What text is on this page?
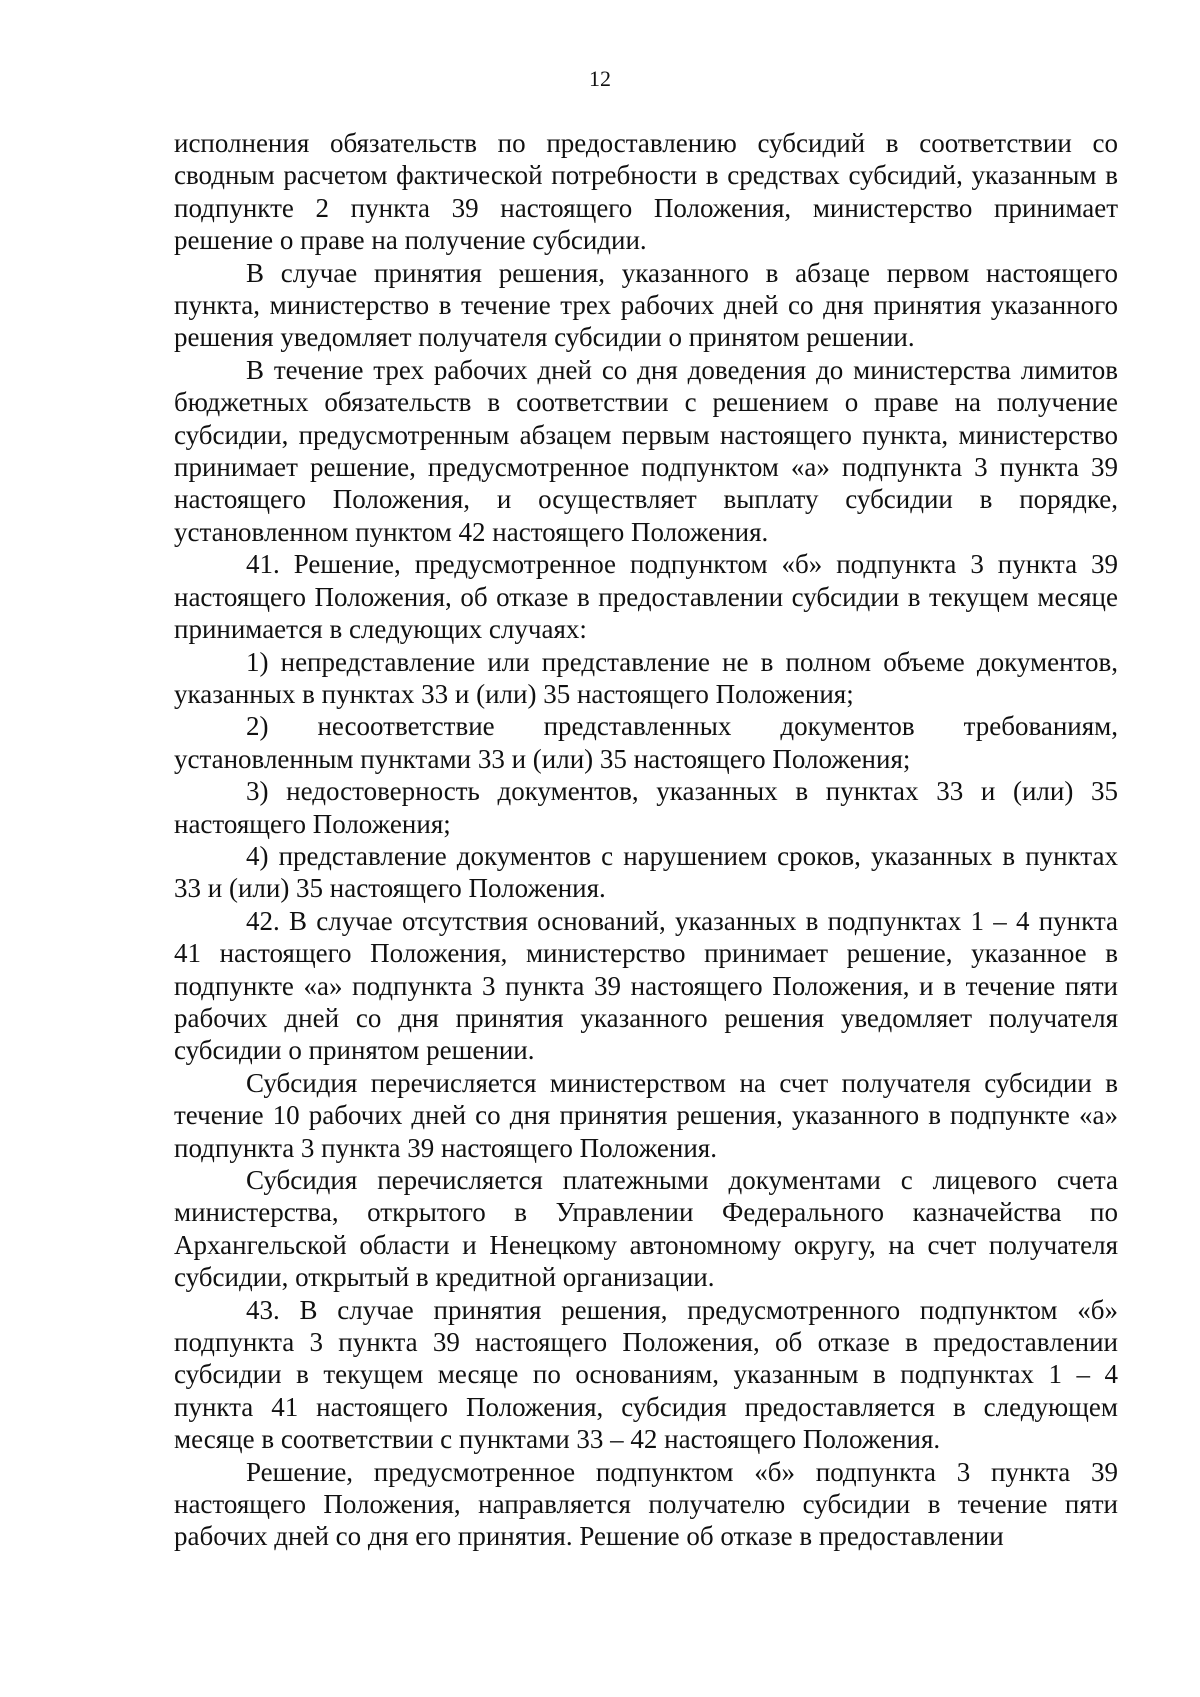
12

исполнения обязательств по предоставлению субсидий в соответствии со сводным расчетом фактической потребности в средствах субсидий, указанным в подпункте 2 пункта 39 настоящего Положения, министерство принимает решение о праве на получение субсидии.

В случае принятия решения, указанного в абзаце первом настоящего пункта, министерство в течение трех рабочих дней со дня принятия указанного решения уведомляет получателя субсидии о принятом решении.

В течение трех рабочих дней со дня доведения до министерства лимитов бюджетных обязательств в соответствии с решением о праве на получение субсидии, предусмотренным абзацем первым настоящего пункта, министерство принимает решение, предусмотренное подпунктом «а» подпункта 3 пункта 39 настоящего Положения, и осуществляет выплату субсидии в порядке, установленном пунктом 42 настоящего Положения.

41. Решение, предусмотренное подпунктом «б» подпункта 3 пункта 39 настоящего Положения, об отказе в предоставлении субсидии в текущем месяце принимается в следующих случаях:

1) непредставление или представление не в полном объеме документов, указанных в пунктах 33 и (или) 35 настоящего Положения;

2) несоответствие представленных документов требованиям, установленным пунктами 33 и (или) 35 настоящего Положения;

3) недостоверность документов, указанных в пунктах 33 и (или) 35 настоящего Положения;

4) представление документов с нарушением сроков, указанных в пунктах 33 и (или) 35 настоящего Положения.

42. В случае отсутствия оснований, указанных в подпунктах 1 – 4 пункта 41 настоящего Положения, министерство принимает решение, указанное в подпункте «а» подпункта 3 пункта 39 настоящего Положения, и в течение пяти рабочих дней со дня принятия указанного решения уведомляет получателя субсидии о принятом решении.

Субсидия перечисляется министерством на счет получателя субсидии в течение 10 рабочих дней со дня принятия решения, указанного в подпункте «а» подпункта 3 пункта 39 настоящего Положения.

Субсидия перечисляется платежными документами с лицевого счета министерства, открытого в Управлении Федерального казначейства по Архангельской области и Ненецкому автономному округу, на счет получателя субсидии, открытый в кредитной организации.

43. В случае принятия решения, предусмотренного подпунктом «б» подпункта 3 пункта 39 настоящего Положения, об отказе в предоставлении субсидии в текущем месяце по основаниям, указанным в подпунктах 1 – 4 пункта 41 настоящего Положения, субсидия предоставляется в следующем месяце в соответствии с пунктами 33 – 42 настоящего Положения.

Решение, предусмотренное подпунктом «б» подпункта 3 пункта 39 настоящего Положения, направляется получателю субсидии в течение пяти рабочих дней со дня его принятия. Решение об отказе в предоставлении
